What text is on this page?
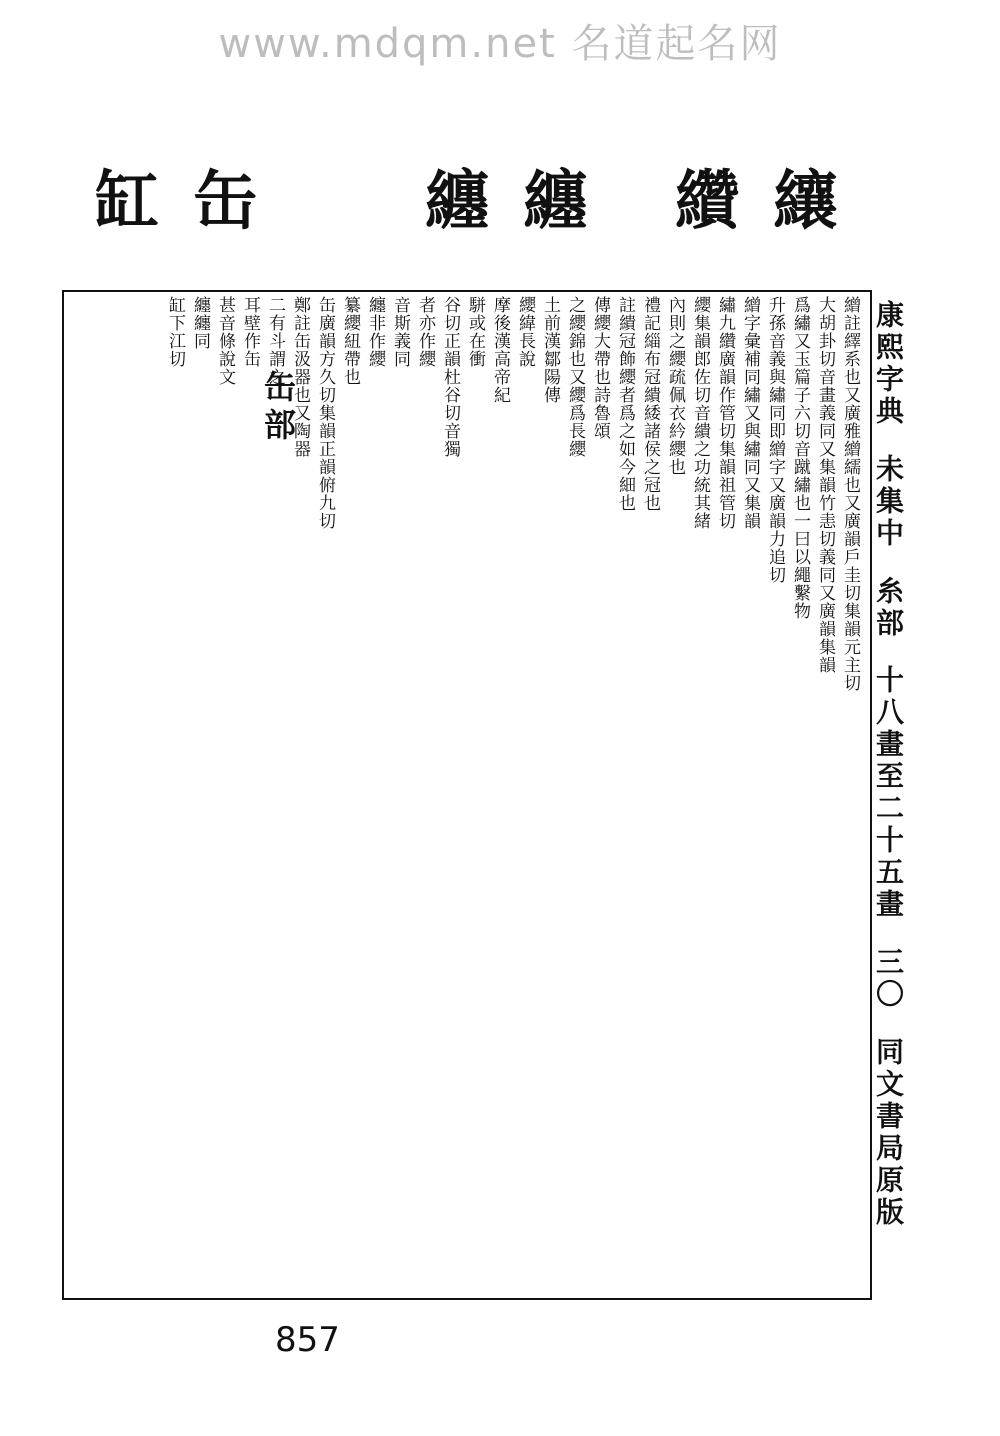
www.mdqm.net 名道起名网
缸 缶	纏 纏 纘 纕
康熙字典 未集中 糸部 十八畫至二十五畫 三〇 同文書局原版
繒註繹系也又廣雅繒繻也又廣韻戶圭切集韻元主切
大胡卦切音畫義同又集韻竹恚切義同又廣韻集韻
爲繡又玉篇子六切音蹴繡也一曰以繩繫物
升孫音義與繡同即繒字又廣韻力追切
繒字彙補同繡又與繡同又集韻
繡九纘廣韻作管切集韻祖管切
纓集韻郎佐切音繢之功統其緒
內則之纓疏佩衣紟纓也
禮記緇布冠繢緌諸侯之冠也
註繢冠飾纓者爲之如今細也
傳纓大帶也詩魯頌
之纓錦也又纓爲長纓
土前漢鄒陽傳
纓緯長說
摩後漢高帝紀
駢或在衝
谷切正韻杜谷切音獨
者亦作纓
音斯義同
纏非作纓
纂纓紐帶也
缶廣韻方久切集韻正韻俯九切
鄭註缶汲器也又陶器
二有斗謂之
耳壁作缶
甚音條說文
纏纏同
缸下江切
缶部
857
